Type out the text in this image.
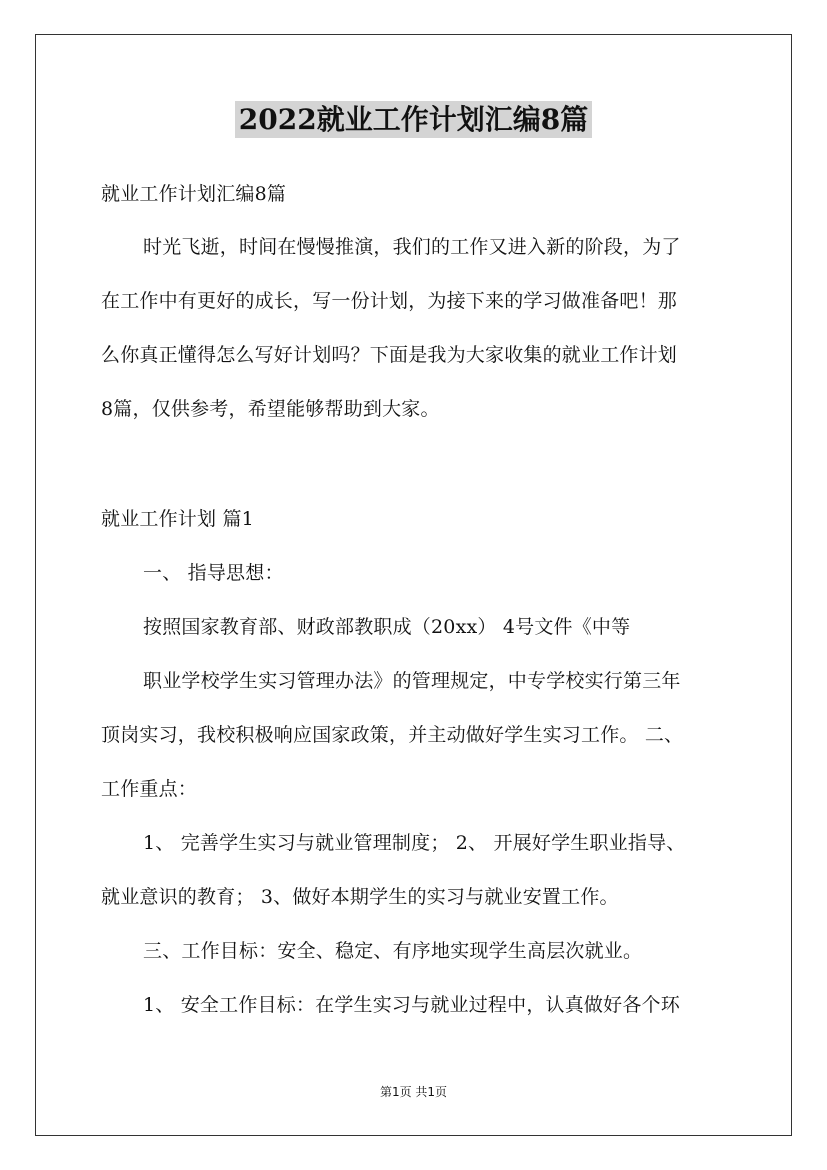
2022就业工作计划汇编8篇
就业工作计划汇编8篇
时光飞逝，时间在慢慢推演，我们的工作又进入新的阶段，为了
在工作中有更好的成长，写一份计划，为接下来的学习做准备吧！那
么你真正懂得怎么写好计划吗？下面是我为大家收集的就业工作计划
8篇，仅供参考，希望能够帮助到大家。
就业工作计划 篇1
一、 指导思想：
按照国家教育部、财政部教职成（20xx） 4号文件《中等
职业学校学生实习管理办法》的管理规定，中专学校实行第三年
顶岗实习，我校积极响应国家政策，并主动做好学生实习工作。 二、
工作重点：
1、 完善学生实习与就业管理制度； 2、 开展好学生职业指导、
就业意识的教育； 3、做好本期学生的实习与就业安置工作。
三、工作目标：安全、稳定、有序地实现学生高层次就业。
1、 安全工作目标：在学生实习与就业过程中，认真做好各个环
第1页 共1页
